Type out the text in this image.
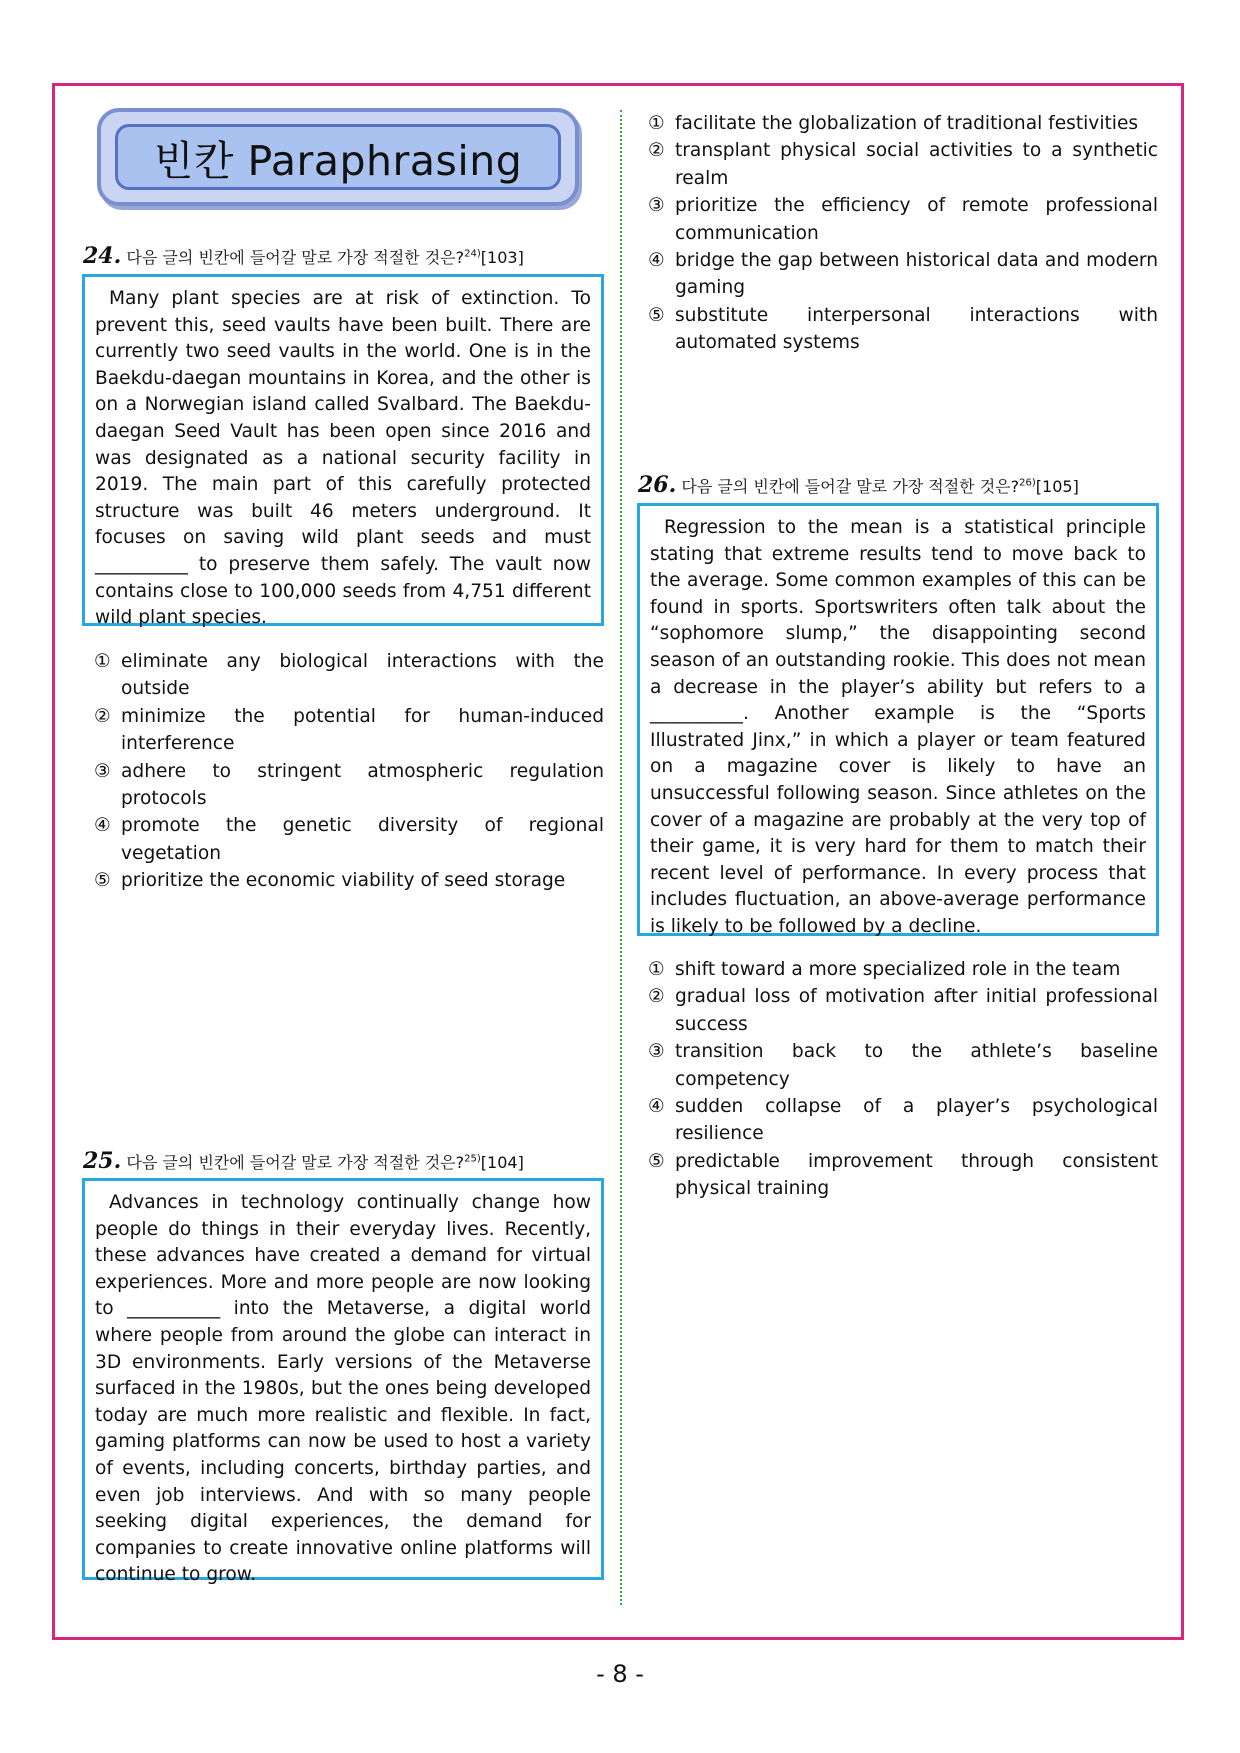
빈칸 Paraphrasing
24. 다음 글의 빈칸에 들어갈 말로 가장 적절한 것은?$^{24)}$[103]

Many plant species are at risk of extinction. To prevent this, seed vaults have been built. There are currently two seed vaults in the world. One is in the Baekdu-daegan mountains in Korea, and the other is on a Norwegian island called Svalbard. The Baekdu-daegan Seed Vault has been open since 2016 and was designated as a national security facility in 2019. The main part of this carefully protected structure was built 46 meters underground. It focuses on saving wild plant seeds and must __________ to preserve them safely. The vault now contains close to 100,000 seeds from 4,751 different wild plant species.

① eliminate any biological interactions with the outside
② minimize the potential for human-induced interference
③ adhere to stringent atmospheric regulation protocols
④ promote the genetic diversity of regional vegetation
⑤ prioritize the economic viability of seed storage
25. 다음 글의 빈칸에 들어갈 말로 가장 적절한 것은?$^{25)}$[104]

Advances in technology continually change how people do things in their everyday lives. Recently, these advances have created a demand for virtual experiences. More and more people are now looking to __________ into the Metaverse, a digital world where people from around the globe can interact in 3D environments. Early versions of the Metaverse surfaced in the 1980s, but the ones being developed today are much more realistic and flexible. In fact, gaming platforms can now be used to host a variety of events, including concerts, birthday parties, and even job interviews. And with so many people seeking digital experiences, the demand for companies to create innovative online platforms will continue to grow.

① facilitate the globalization of traditional festivities
② transplant physical social activities to a synthetic realm
③ prioritize the efficiency of remote professional communication
④ bridge the gap between historical data and modern gaming
⑤ substitute interpersonal interactions with automated systems
26. 다음 글의 빈칸에 들어갈 말로 가장 적절한 것은?$^{26)}$[105]

Regression to the mean is a statistical principle stating that extreme results tend to move back to the average. Some common examples of this can be found in sports. Sportswriters often talk about the “sophomore slump,” the disappointing second season of an outstanding rookie. This does not mean a decrease in the player’s ability but refers to a __________. Another example is the “Sports Illustrated Jinx,” in which a player or team featured on a magazine cover is likely to have an unsuccessful following season. Since athletes on the cover of a magazine are probably at the very top of their game, it is very hard for them to match their recent level of performance. In every process that includes fluctuation, an above-average performance is likely to be followed by a decline.

① shift toward a more specialized role in the team
② gradual loss of motivation after initial professional success
③ transition back to the athlete’s baseline competency
④ sudden collapse of a player’s psychological resilience
⑤ predictable improvement through consistent physical training
- 8 -
